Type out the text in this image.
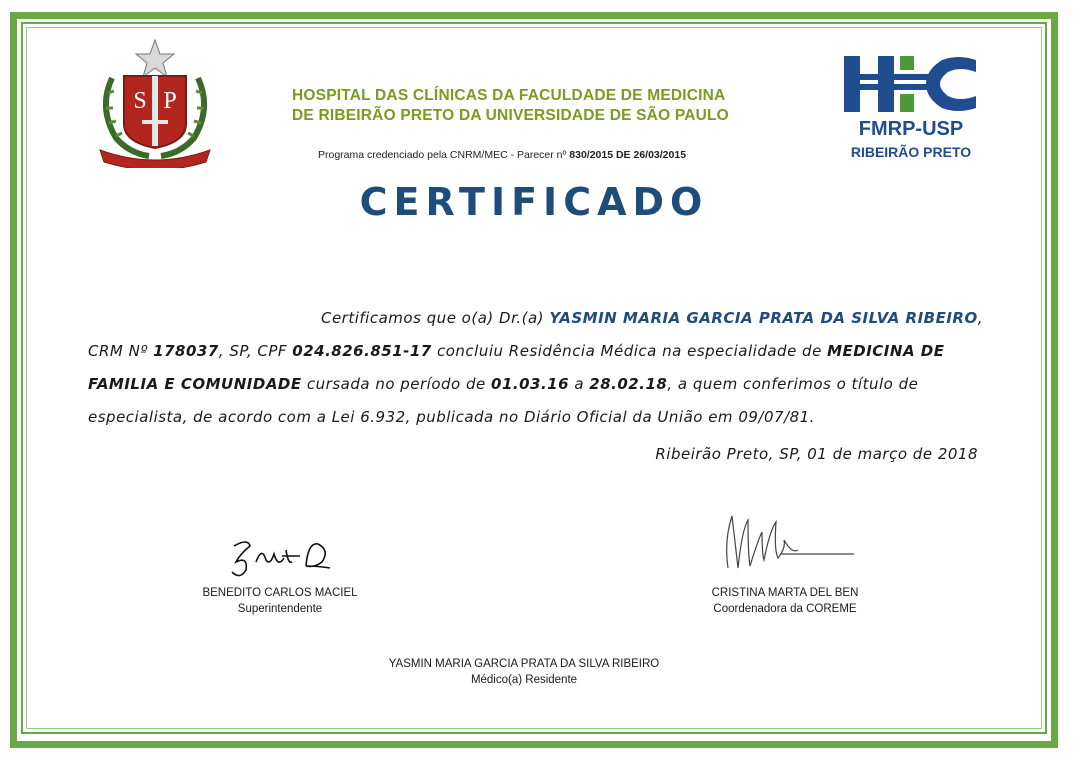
S P	HOSPITAL DAS CLÍNICAS DA FACULDADE DE MEDICINA
DE RIBEIRÃO PRETO DA UNIVERSIDADE DE SÃO PAULO
Programa credenciado pela CNRM/MEC - Parecer nº 830/2015 DE 26/03/2015
FMRP-USP
RIBEIRÃO PRETO
CERTIFICADO
Certificamos que o(a) Dr.(a) YASMIN MARIA GARCIA PRATA DA SILVA RIBEIRO,
CRM Nº 178037, SP, CPF 024.826.851-17 concluiu Residência Médica na especialidade de MEDICINA DE FAMILIA E COMUNIDADE cursada no período de 01.03.16 a 28.02.18, a quem conferimos o título de especialista, de acordo com a Lei 6.932, publicada no Diário Oficial da União em 09/07/81.
Ribeirão Preto, SP, 01 de março de 2018
BENEDITO CARLOS MACIEL
Superintendente
CRISTINA MARTA DEL BEN
Coordenadora da COREME
YASMIN MARIA GARCIA PRATA DA SILVA RIBEIRO
Médico(a) Residente
